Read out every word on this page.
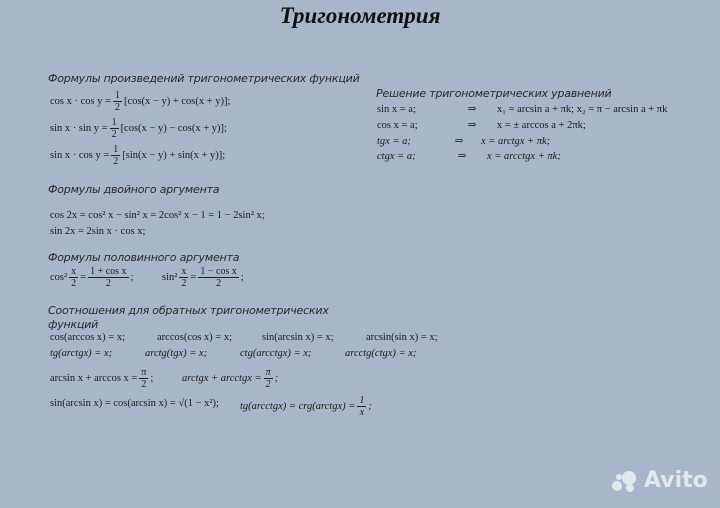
Тригонометрия
Формулы произведений тригонометрических функций
$\cos x \cdot \cos y = \frac{1}{2} [\cos(x - y) + \cos(x + y)]$;
$\sin x \cdot \sin y = \frac{1}{2} [\cos(x - y) - \cos(x + y)]$;
$\sin x \cdot \cos y = \frac{1}{2} [\sin(x - y) + \sin(x + y)]$;
Решение тригонометрических уравнений
sin x = a;	⇒	x₁ = arcsin a + πk; x₂ = π − arcsin a + πk
cos x = a;	⇒	x = ± arccos a + 2πk;
tgx = a;	⇒	x = arctgx + πk;
ctgx = a;	⇒	x = arcctgx + πk;
Формулы двойного аргумента
cos 2x = cos² x − sin² x = 2cos² x − 1 = 1 − 2sin² x;
sin 2x = 2sin x · cos x;
Формулы половинного аргумента
$\cos^2 \frac{x}{2} = \frac{\text{1 + cos x}}{2}$ ;	$\sin^2 \frac{x}{2} = \frac{\text{1 − cos x}}{2}$ ;
Соотношения для обратных тригонометрических
функций
cos(arccos x) = x;	arccos(cos x) = x;	sin(arcsin x) = x;	arcsin(sin x) = x;
tg(arctgx) = x;	arctg(tgx) = x;	ctg(arcctgx) = x;	arcctg(ctgx) = x;
$\arcsin x + \arccos x = \frac{\pi}{2}$ ;	arctgx + arcctgx = $\frac{\pi}{2}$ ;
sin(arcsin x) = cos(arcsin x) = √(1 − x²); tg(arcctgx) = crg(arctgx) = $\frac{1}{x}$ ;
Avito
